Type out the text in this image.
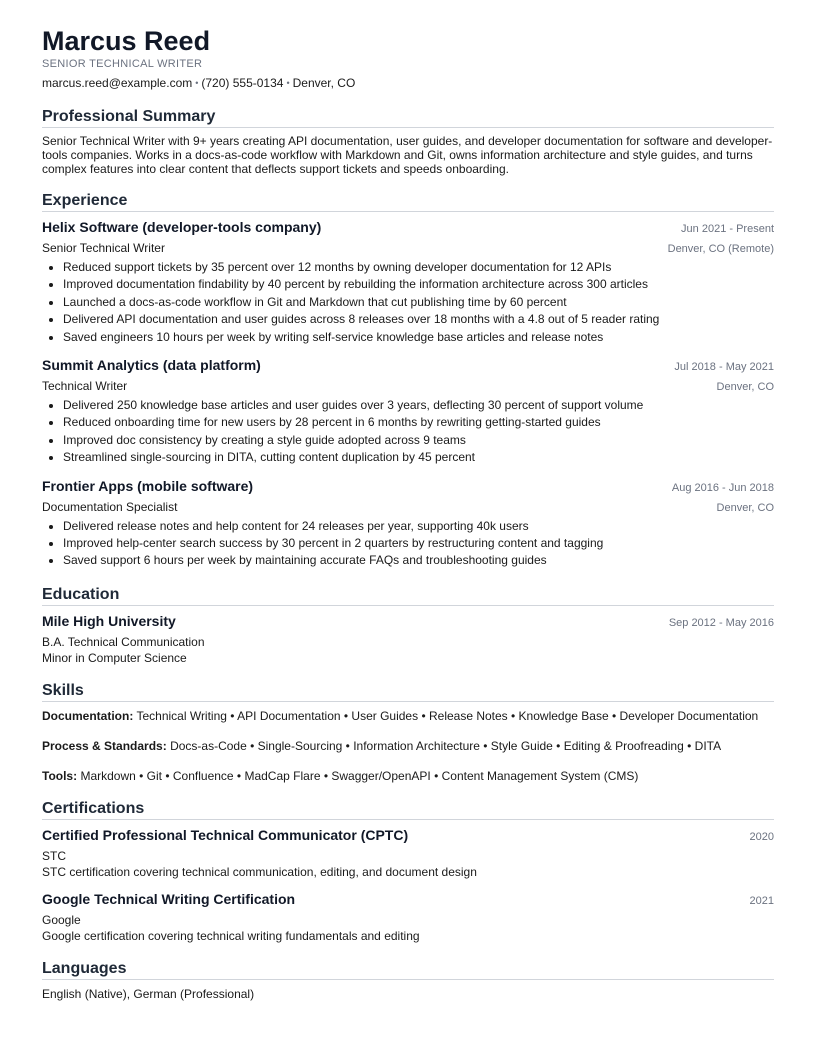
Marcus Reed
SENIOR TECHNICAL WRITER
marcus.reed@example.com • (720) 555-0134 • Denver, CO
Professional Summary

Senior Technical Writer with 9+ years creating API documentation, user guides, and developer documentation for software and developer-tools companies. Works in a docs-as-code workflow with Markdown and Git, owns information architecture and style guides, and turns complex features into clear content that deflects support tickets and speeds onboarding.

Experience
Helix Software (developer-tools company)	Jun 2021 - Present
Senior Technical Writer	Denver, CO (Remote)
• Reduced support tickets by 35 percent over 12 months by owning developer documentation for 12 APIs
• Improved documentation findability by 40 percent by rebuilding the information architecture across 300 articles
• Launched a docs-as-code workflow in Git and Markdown that cut publishing time by 60 percent
• Delivered API documentation and user guides across 8 releases over 18 months with a 4.8 out of 5 reader rating
• Saved engineers 10 hours per week by writing self-service knowledge base articles and release notes
Summit Analytics (data platform)	Jul 2018 - May 2021
Technical Writer	Denver, CO
• Delivered 250 knowledge base articles and user guides over 3 years, deflecting 30 percent of support volume
• Reduced onboarding time for new users by 28 percent in 6 months by rewriting getting-started guides
• Improved doc consistency by creating a style guide adopted across 9 teams
• Streamlined single-sourcing in DITA, cutting content duplication by 45 percent
Frontier Apps (mobile software)	Aug 2016 - Jun 2018
Documentation Specialist	Denver, CO
• Delivered release notes and help content for 24 releases per year, supporting 40k users
• Improved help-center search success by 30 percent in 2 quarters by restructuring content and tagging
• Saved support 6 hours per week by maintaining accurate FAQs and troubleshooting guides
Education
Mile High University	Sep 2012 - May 2016
B.A. Technical Communication
Minor in Computer Science
Skills
Documentation: Technical Writing • API Documentation • User Guides • Release Notes • Knowledge Base • Developer Documentation
Process & Standards: Docs-as-Code • Single-Sourcing • Information Architecture • Style Guide • Editing & Proofreading • DITA
Tools: Markdown • Git • Confluence • MadCap Flare • Swagger/OpenAPI • Content Management System (CMS)
Certifications
Certified Professional Technical Communicator (CPTC)	2020
STC
STC certification covering technical communication, editing, and document design
Google Technical Writing Certification	2021
Google
Google certification covering technical writing fundamentals and editing
Languages
English (Native), German (Professional)
